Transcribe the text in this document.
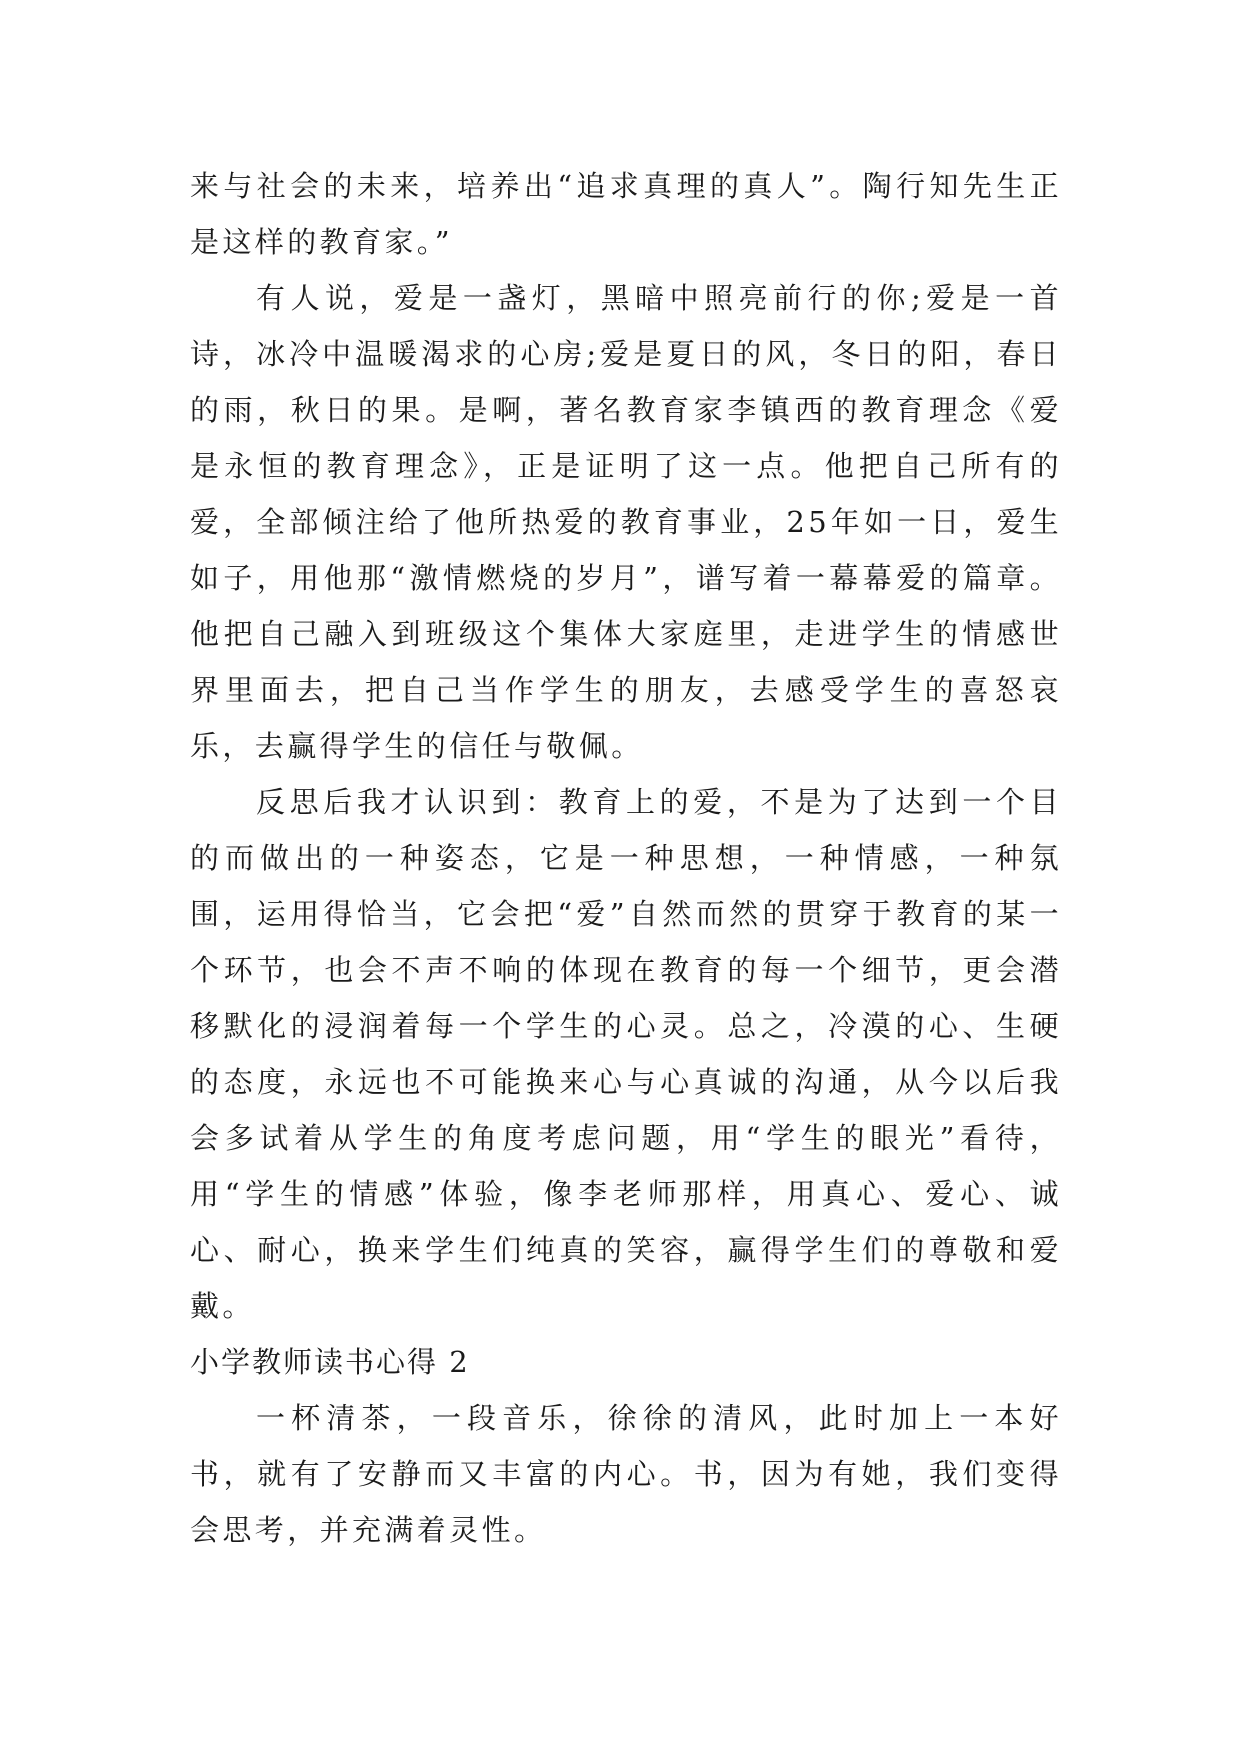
来与社会的未来，培养出“追求真理的真人”。陶行知先生正是这样的教育家。”

有人说，爱是一盏灯，黑暗中照亮前行的你;爱是一首诗，冰冷中温暖渴求的心房;爱是夏日的风，冬日的阳，春日的雨，秋日的果。是啊，著名教育家李镇西的教育理念《爱是永恒的教育理念》，正是证明了这一点。他把自己所有的爱，全部倾注给了他所热爱的教育事业，25年如一日，爱生如子，用他那“激情燃烧的岁月”，谱写着一幕幕爱的篇章。他把自己融入到班级这个集体大家庭里，走进学生的情感世界里面去，把自己当作学生的朋友，去感受学生的喜怒哀乐，去赢得学生的信任与敬佩。

反思后我才认识到：教育上的爱，不是为了达到一个目的而做出的一种姿态，它是一种思想，一种情感，一种氛围，运用得恰当，它会把“爱”自然而然的贯穿于教育的某一个环节，也会不声不响的体现在教育的每一个细节，更会潜移默化的浸润着每一个学生的心灵。总之，冷漠的心、生硬的态度，永远也不可能换来心与心真诚的沟通，从今以后我会多试着从学生的角度考虑问题，用“学生的眼光”看待，用“学生的情感”体验，像李老师那样，用真心、爱心、诚心、耐心，换来学生们纯真的笑容，赢得学生们的尊敬和爱戴。

小学教师读书心得 2

一杯清茶，一段音乐，徐徐的清风，此时加上一本好书，就有了安静而又丰富的内心。书，因为有她，我们变得会思考，并充满着灵性。
